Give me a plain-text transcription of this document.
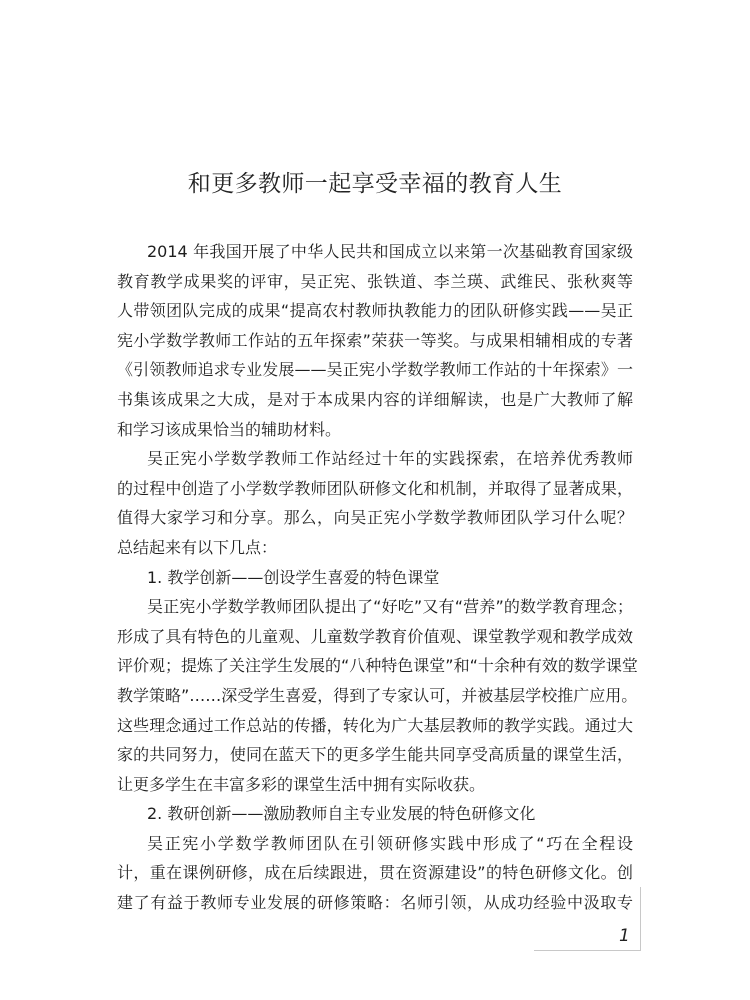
和更多教师一起享受幸福的教育人生
2014 年我国开展了中华人民共和国成立以来第一次基础教育国家级
教育教学成果奖的评审，吴正宪、张铁道、李兰瑛、武维民、张秋爽等
人带领团队完成的成果“提高农村教师执教能力的团队研修实践——吴正
宪小学数学教师工作站的五年探索”荣获一等奖。与成果相辅相成的专著
《引领教师追求专业发展——吴正宪小学数学教师工作站的十年探索》一
书集该成果之大成，是对于本成果内容的详细解读，也是广大教师了解
和学习该成果恰当的辅助材料。
吴正宪小学数学教师工作站经过十年的实践探索，在培养优秀教师
的过程中创造了小学数学教师团队研修文化和机制，并取得了显著成果，
值得大家学习和分享。那么，向吴正宪小学数学教师团队学习什么呢？
总结起来有以下几点：
1. 教学创新——创设学生喜爱的特色课堂
吴正宪小学数学教师团队提出了“好吃”又有“营养”的数学教育理念；
形成了具有特色的儿童观、儿童数学教育价值观、课堂教学观和教学成效
评价观；提炼了关注学生发展的“八种特色课堂”和“十余种有效的数学课堂
教学策略”……深受学生喜爱，得到了专家认可，并被基层学校推广应用。
这些理念通过工作总站的传播，转化为广大基层教师的教学实践。通过大
家的共同努力，使同在蓝天下的更多学生能共同享受高质量的课堂生活，
让更多学生在丰富多彩的课堂生活中拥有实际收获。
2. 教研创新——激励教师自主专业发展的特色研修文化
吴正宪小学数学教师团队在引领研修实践中形成了“巧在全程设
计，重在课例研修，成在后续跟进，贯在资源建设”的特色研修文化。创
建了有益于教师专业发展的研修策略：名师引领，从成功经验中汲取专
1
